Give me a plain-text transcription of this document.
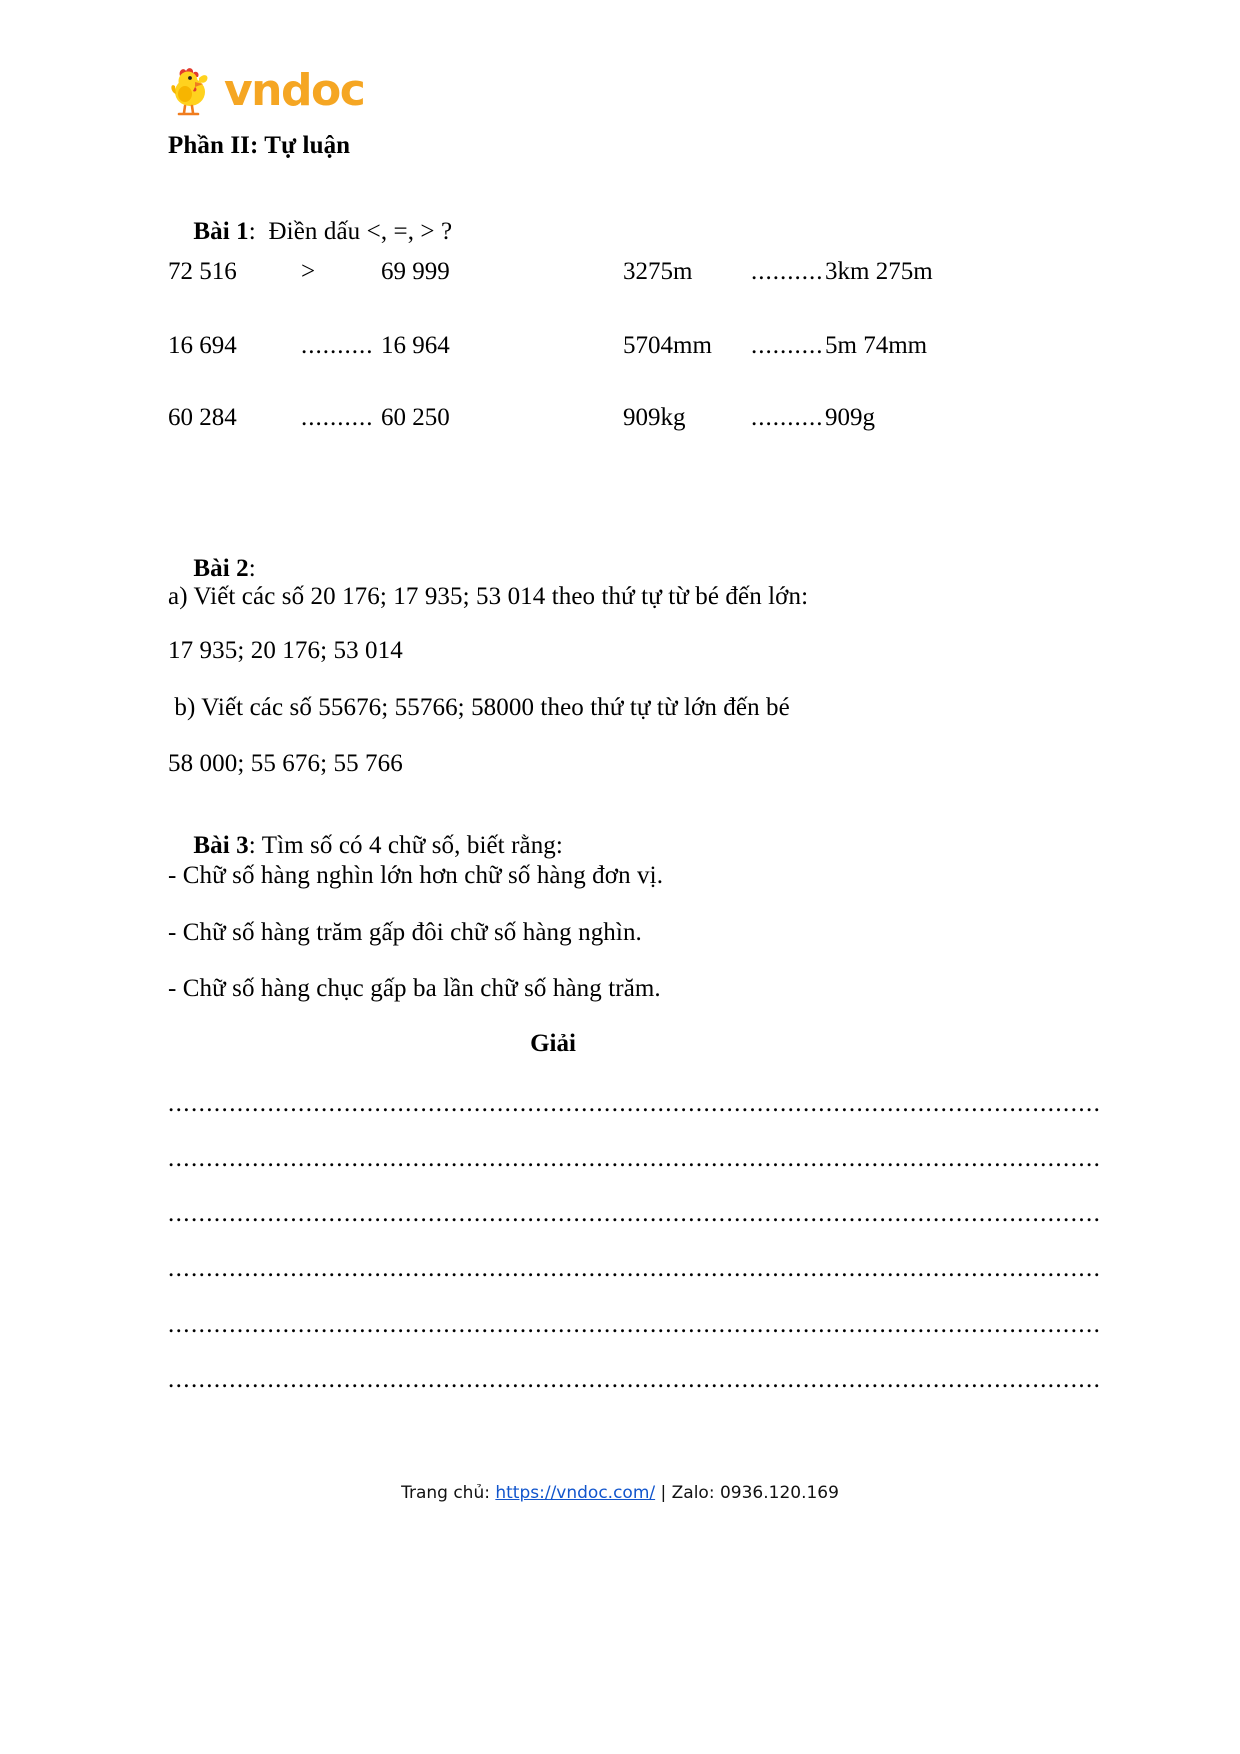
vndoc
Phần II: Tự luận

Bài 1:  Điền dấu <, =, > ?

72 516	>	69 999	3275m .......... 3km 275m
16 694	.......... 16 964	5704mm .......... 5m 74mm
60 284	.......... 60 250	909kg	.......... 909g

Bài 2:

a) Viết các số 20 176; 17 935; 53 014 theo thứ tự từ bé đến lớn:
17 935; 20 176; 53 014
b) Viết các số 55676; 55766; 58000 theo thứ tự từ lớn đến bé
58 000; 55 676; 55 766

Bài 3: Tìm số có 4 chữ số, biết rằng:

- Chữ số hàng nghìn lớn hơn chữ số hàng đơn vị.
- Chữ số hàng trăm gấp đôi chữ số hàng nghìn.
- Chữ số hàng chục gấp ba lần chữ số hàng trăm.
Giải
..........................................................................................................................
..........................................................................................................................
..........................................................................................................................
..........................................................................................................................
..........................................................................................................................
..........................................................................................................................
Trang chủ: https://vndoc.com/ | Zalo: 0936.120.169
